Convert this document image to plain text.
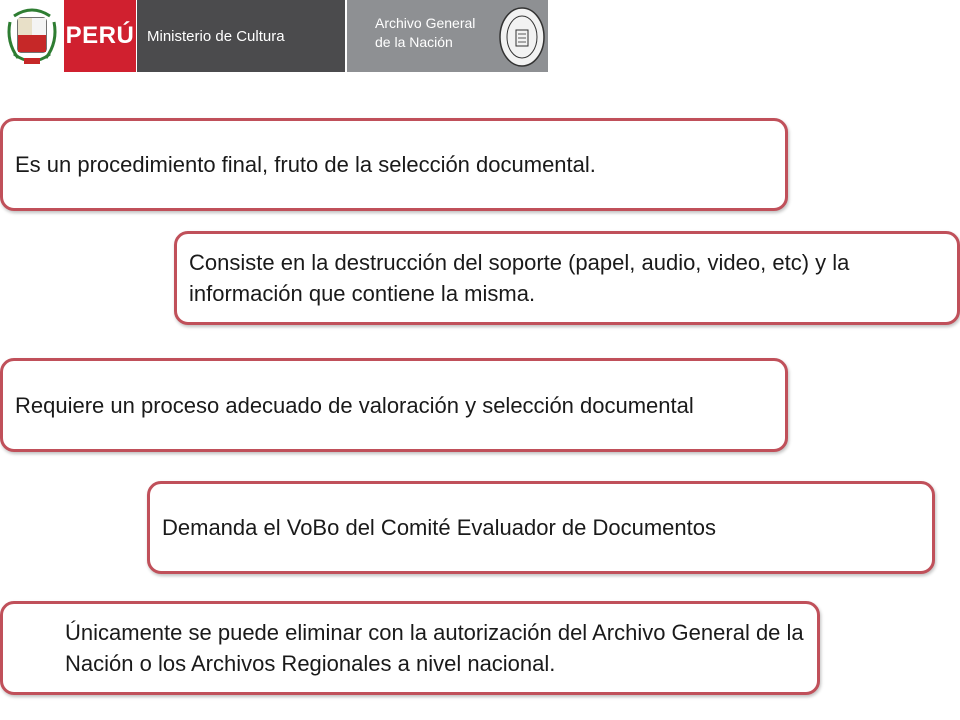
PERÚ Ministerio de Cultura
Archivo General
de la Nación
Es un procedimiento final, fruto de la selección documental.
Consiste en la destrucción del soporte (papel, audio, video, etc) y la información que contiene la misma.
Requiere un proceso adecuado de valoración y selección documental
Demanda el VoBo del Comité Evaluador de Documentos
Únicamente se puede eliminar con la autorización del Archivo General de la Nación o los Archivos Regionales a nivel nacional.
